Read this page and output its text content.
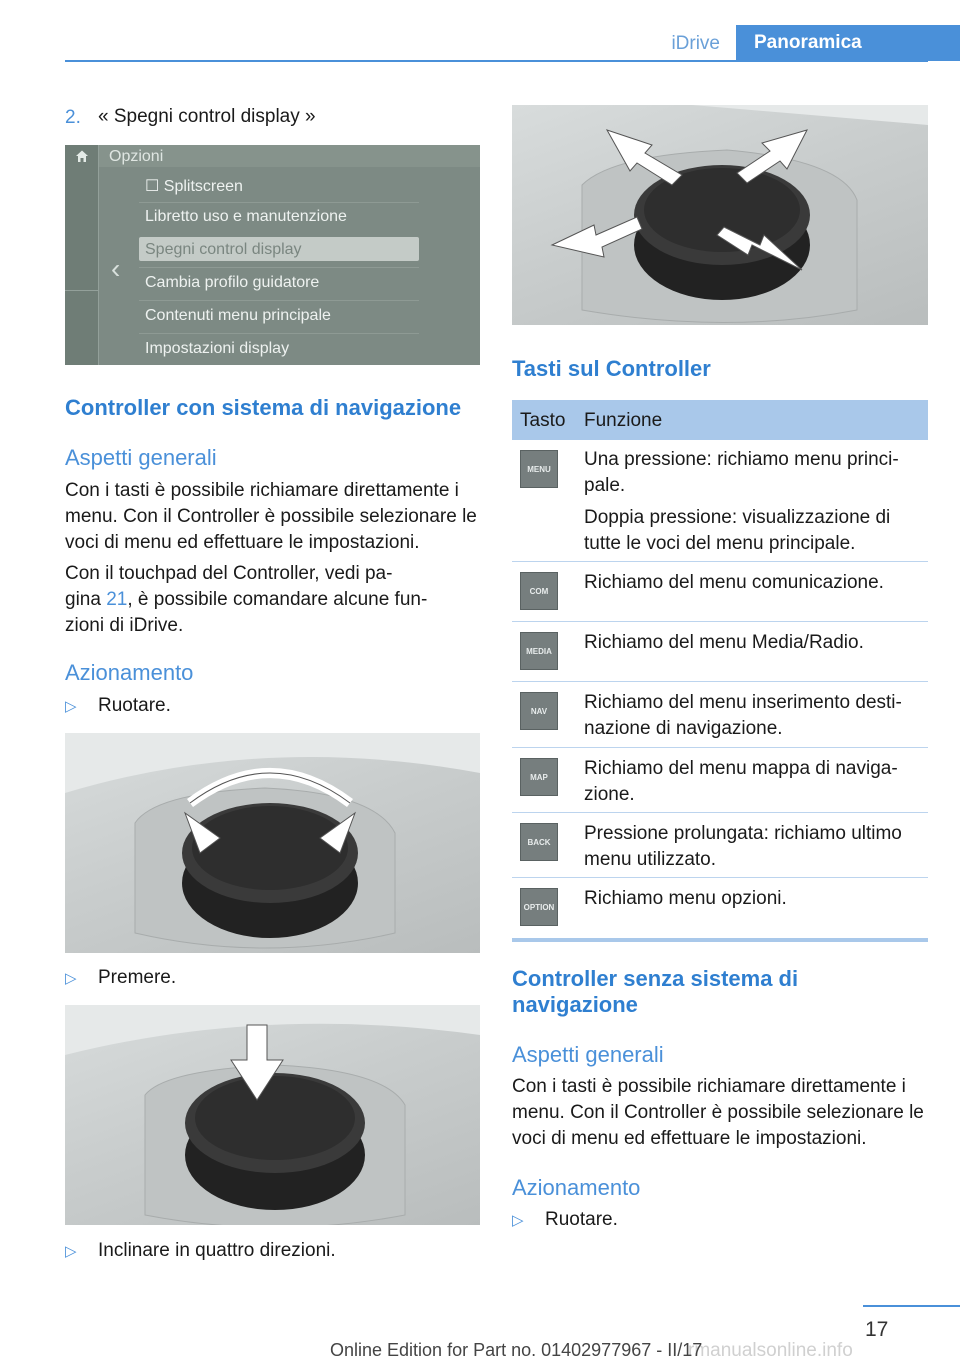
iDrive	Panoramica
2. « Spegni control display »
Opzioni
‹
☐ Splitscreen
Libretto uso e manutenzione
Spegni control display
Cambia profilo guidatore
Contenuti menu principale
Impostazioni display
Controller con sistema di navigazione
Aspetti generali
Con i tasti è possibile richiamare direttamente i menu. Con il Controller è possibile selezionare le voci di menu ed effettuare le impostazioni.
Con il touchpad del Controller, vedi pa-
gina 21, è possibile comandare alcune fun-
zioni di iDrive.
Azionamento
▷ Ruotare.
▷ Premere.
▷ Inclinare in quattro direzioni.
Tasti sul Controller
Tasto Funzione
MENU	Una pressione: richiamo menu princi-pale.

Doppia pressione: visualizzazione di tutte le voci del menu principale.

COM	Richiamo del menu comunicazione.
MEDIA	Richiamo del menu Media/Radio.
NAV	Richiamo del menu inserimento desti-nazione di navigazione.
MAP	Richiamo del menu mappa di naviga-zione.
BACK	Pressione prolungata: richiamo ultimo menu utilizzato.
OPTION Richiamo menu opzioni.
Controller senza sistema di
navigazione
Aspetti generali
Con i tasti è possibile richiamare direttamente i menu. Con il Controller è possibile selezionare le voci di menu ed effettuare le impostazioni.
Azionamento
▷ Ruotare.
17
rmanualsonline.info
Online Edition for Part no. 01402977967 - II/17
